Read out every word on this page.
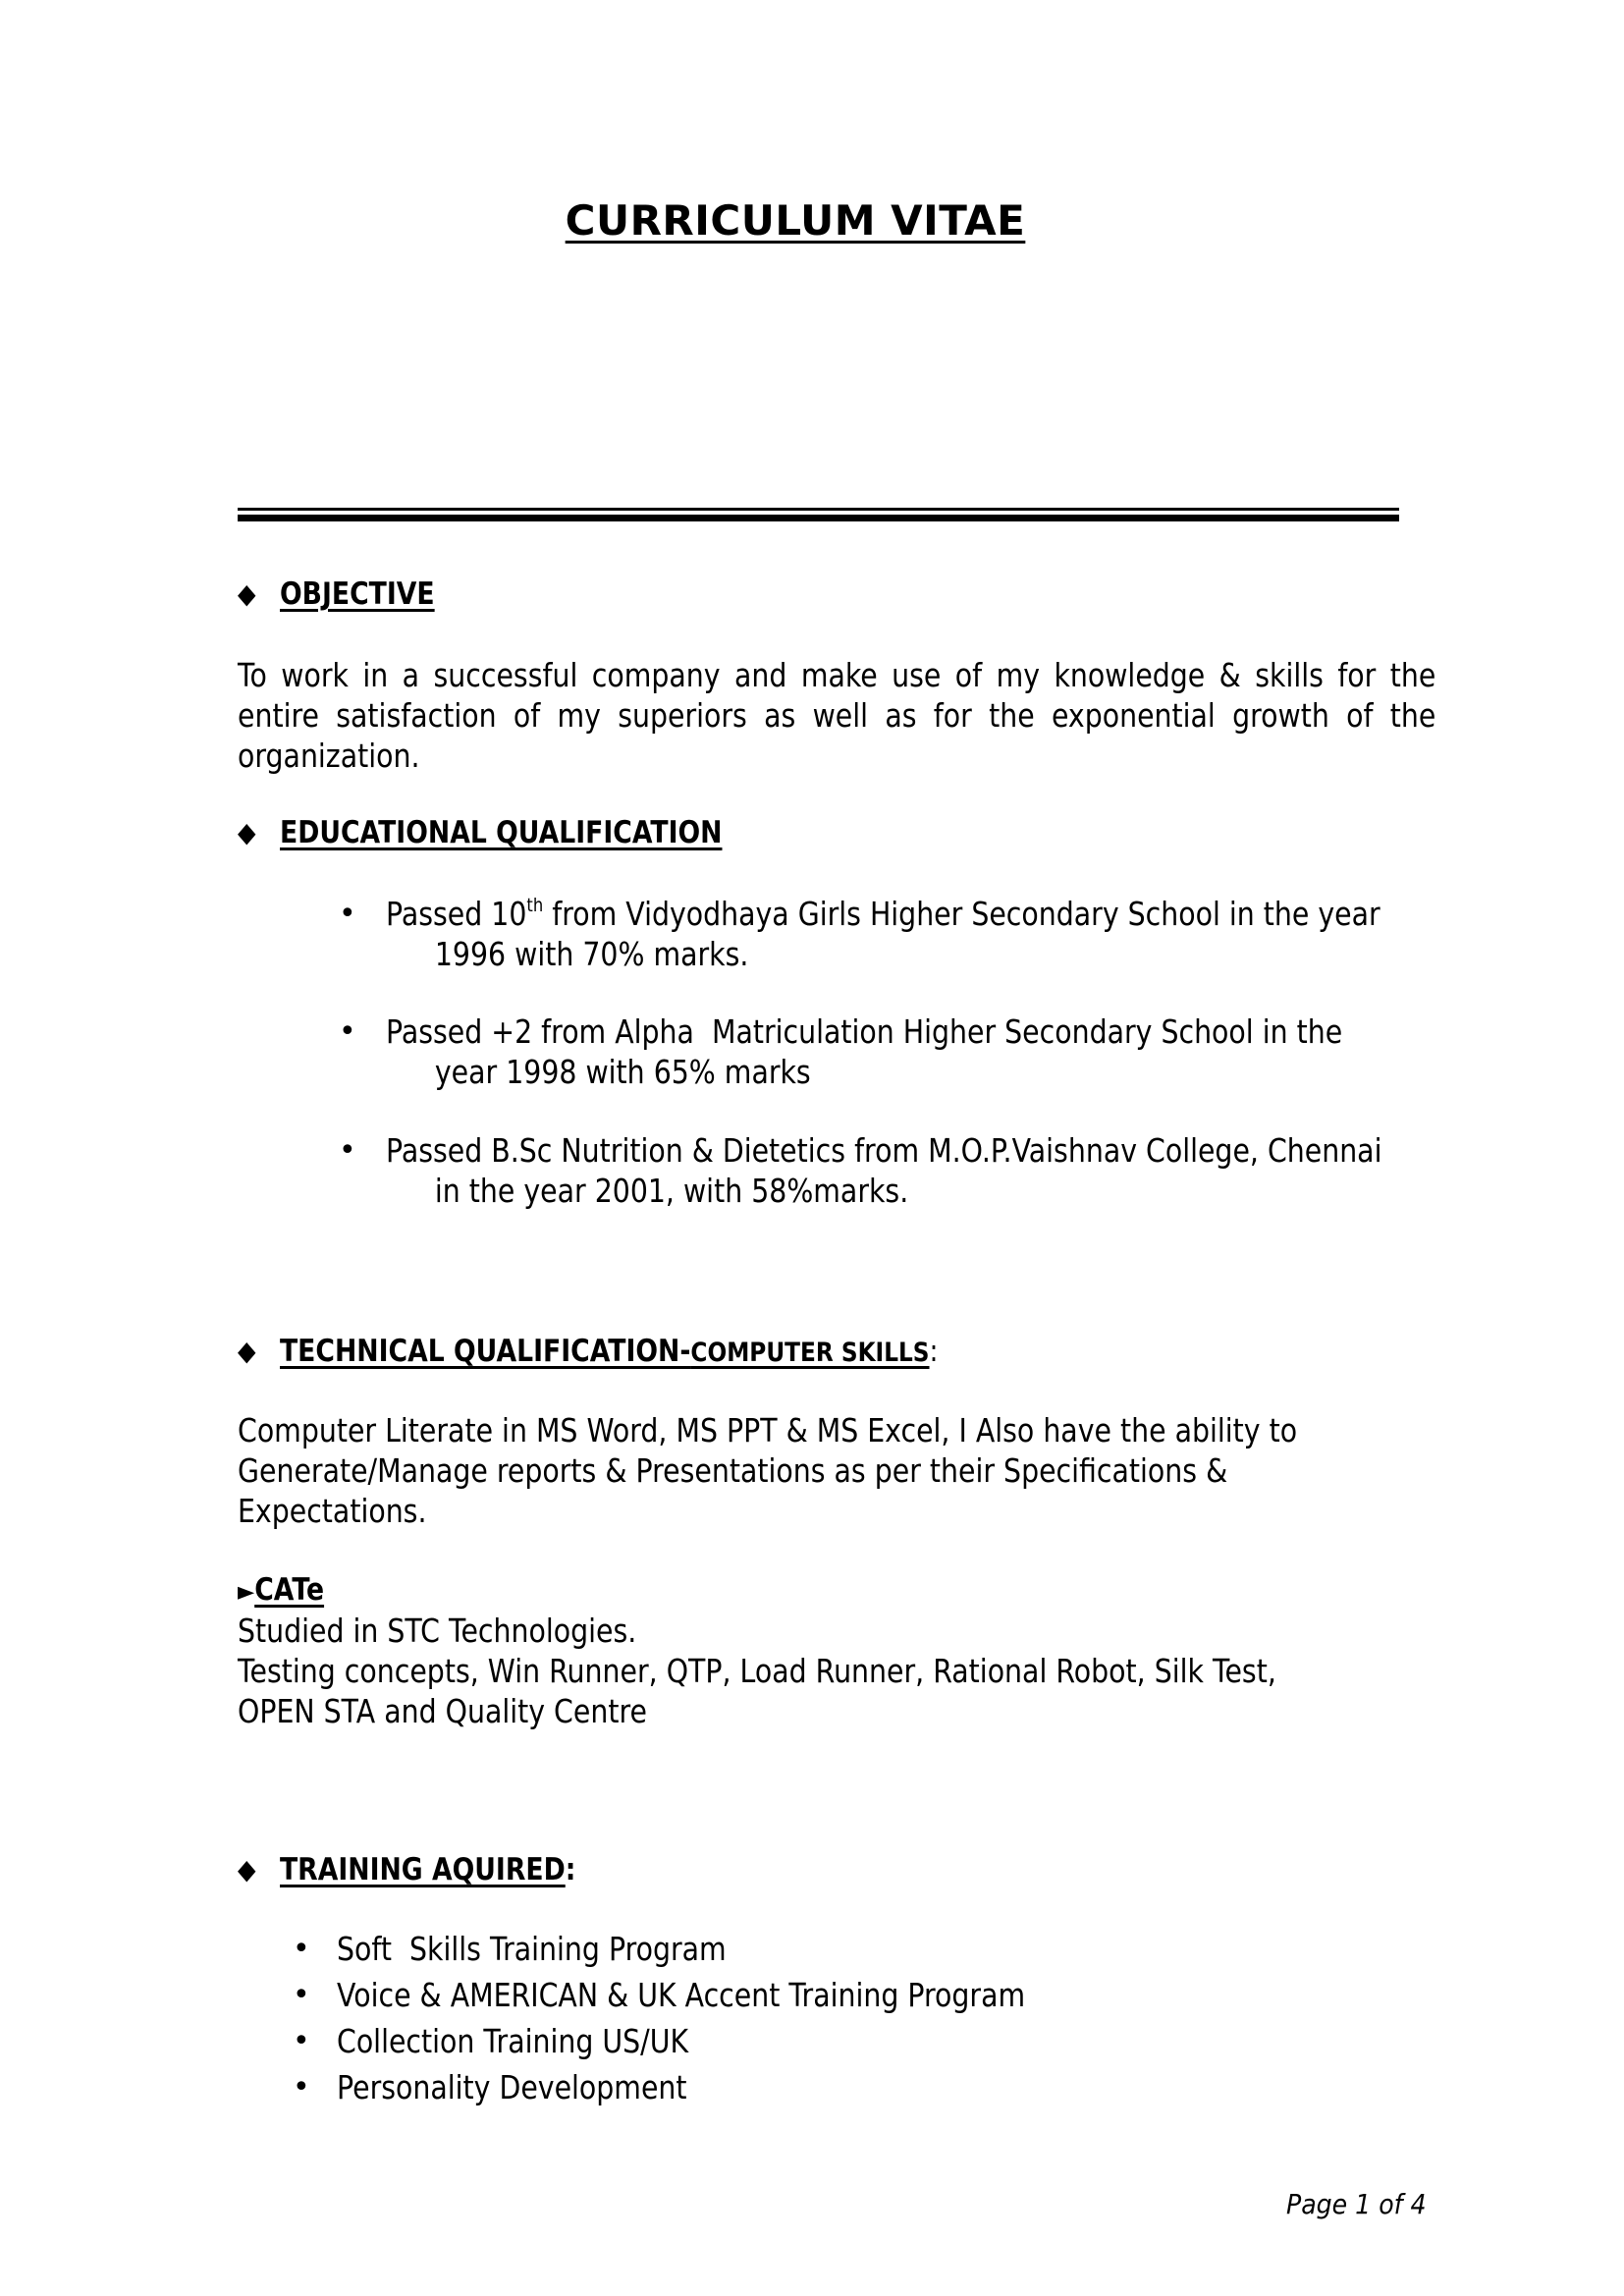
CURRICULUM VITAE
◆ OBJECTIVE
To work in a successful company and make use of my knowledge & skills for the entire satisfaction of my superiors as well as for the exponential growth of the organization.
◆ EDUCATIONAL QUALIFICATION
• Passed 10th from Vidyodhaya Girls Higher Secondary School in the year
1996 with 70% marks.
• Passed +2 from Alpha  Matriculation Higher Secondary School in the
year 1998 with 65% marks
• Passed B.Sc Nutrition & Dietetics from M.O.P.Vaishnav College, Chennai
in the year 2001, with 58%marks.
◆ TECHNICAL QUALIFICATION-COMPUTER SKILLS:
Computer Literate in MS Word, MS PPT & MS Excel, I Also have the ability to
Generate/Manage reports & Presentations as per their Specifications &
Expectations.
►CATe
Studied in STC Technologies.
Testing concepts, Win Runner, QTP, Load Runner, Rational Robot, Silk Test,
OPEN STA and Quality Centre
◆ TRAINING AQUIRED:
• Soft  Skills Training Program
• Voice & AMERICAN & UK Accent Training Program
• Collection Training US/UK
• Personality Development
Page 1 of 4
